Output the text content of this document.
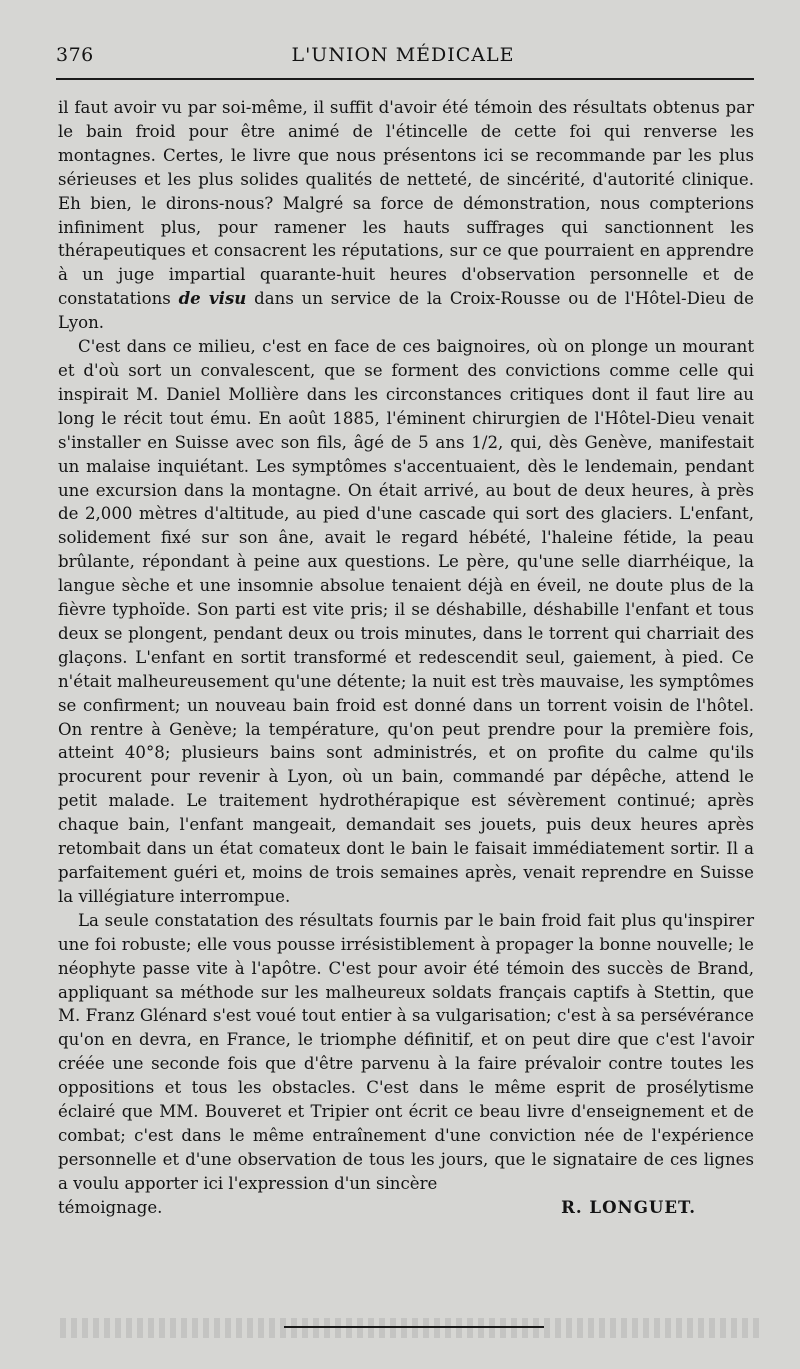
376	L'UNION MÉDICALE

il faut avoir vu par soi-même, il suffit d'avoir été témoin des résultats obtenus par le bain froid pour être animé de l'étincelle de cette foi qui renverse les montagnes. Certes, le livre que nous présentons ici se recommande par les plus sérieuses et les plus solides qualités de netteté, de sincérité, d'autorité clinique. Eh bien, le dirons-nous? Malgré sa force de démonstration, nous compterions infiniment plus, pour ramener les hauts suffrages qui sanctionnent les thérapeutiques et consacrent les réputations, sur ce que pourraient en apprendre à un juge impartial quarante-huit heures d'observation personnelle et de constatations de visu dans un service de la Croix-Rousse ou de l'Hôtel-Dieu de Lyon.

C'est dans ce milieu, c'est en face de ces baignoires, où on plonge un mourant et d'où sort un convalescent, que se forment des convictions comme celle qui inspirait M. Daniel Mollière dans les circonstances critiques dont il faut lire au long le récit tout ému. En août 1885, l'éminent chirurgien de l'Hôtel-Dieu venait s'installer en Suisse avec son fils, âgé de 5 ans 1/2, qui, dès Genève, manifestait un malaise inquiétant. Les symptômes s'accentuaient, dès le lendemain, pendant une excursion dans la montagne. On était arrivé, au bout de deux heures, à près de 2,000 mètres d'altitude, au pied d'une cascade qui sort des glaciers. L'enfant, solidement fixé sur son âne, avait le regard hébété, l'haleine fétide, la peau brûlante, répondant à peine aux questions. Le père, qu'une selle diarrhéique, la langue sèche et une insomnie absolue tenaient déjà en éveil, ne doute plus de la fièvre typhoïde. Son parti est vite pris; il se déshabille, déshabille l'enfant et tous deux se plongent, pendant deux ou trois minutes, dans le torrent qui charriait des glaçons. L'enfant en sortit transformé et redescendit seul, gaiement, à pied. Ce n'était malheureusement qu'une détente; la nuit est très mauvaise, les symptômes se confirment; un nouveau bain froid est donné dans un torrent voisin de l'hôtel. On rentre à Genève; la température, qu'on peut prendre pour la première fois, atteint 40°8; plusieurs bains sont administrés, et on profite du calme qu'ils procurent pour revenir à Lyon, où un bain, commandé par dépêche, attend le petit malade. Le traitement hydrothérapique est sévèrement continué; après chaque bain, l'enfant mangeait, demandait ses jouets, puis deux heures après retombait dans un état comateux dont le bain le faisait immédiatement sortir. Il a parfaitement guéri et, moins de trois semaines après, venait reprendre en Suisse la villégiature interrompue.

La seule constatation des résultats fournis par le bain froid fait plus qu'inspirer une foi robuste; elle vous pousse irrésistiblement à propager la bonne nouvelle; le néophyte passe vite à l'apôtre. C'est pour avoir été témoin des succès de Brand, appliquant sa méthode sur les malheureux soldats français captifs à Stettin, que M. Franz Glénard s'est voué tout entier à sa vulgarisation; c'est à sa persévérance qu'on en devra, en France, le triomphe définitif, et on peut dire que c'est l'avoir créée une seconde fois que d'être parvenu à la faire prévaloir contre toutes les oppositions et tous les obstacles. C'est dans le même esprit de prosélytisme éclairé que MM. Bouveret et Tripier ont écrit ce beau livre d'enseignement et de combat; c'est dans le même entraînement d'une conviction née de l'expérience personnelle et d'une observation de tous les jours, que le signataire de ces lignes a voulu apporter ici l'expression d'un sincère

témoignage.	R. LONGUET.
